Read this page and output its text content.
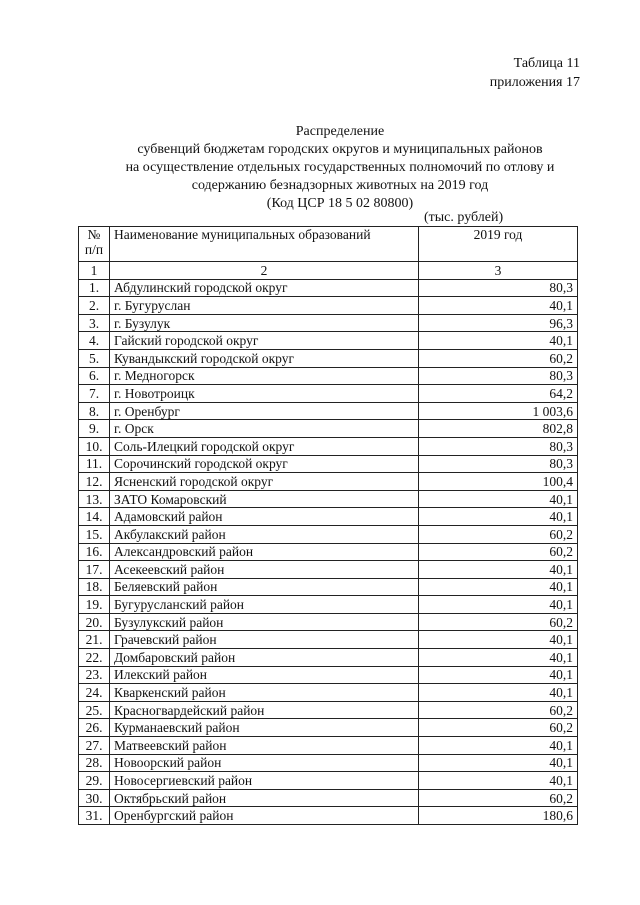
Таблица 11
приложения 17
Распределение
субвенций бюджетам городских округов и муниципальных районов
на осуществление отдельных государственных полномочий по отлову и
содержанию безнадзорных животных на 2019 год
(Код ЦСР 18 5 02 80800)
(тыс. рублей)
№
п/п	Наименование муниципальных образований	2019 год
1	2	3
1.	Абдулинский городской округ	80,3
2.	г. Бугуруслан	40,1
3.	г. Бузулук	96,3
4.	Гайский городской округ	40,1
5.	Кувандыкский городской округ	60,2
6.	г. Медногорск	80,3
7.	г. Новотроицк	64,2
8.	г. Оренбург	1 003,6
9.	г. Орск	802,8
10.	Соль-Илецкий городской округ	80,3
11.	Сорочинский городской округ	80,3
12.	Ясненский городской округ	100,4
13.	ЗАТО Комаровский	40,1
14.	Адамовский район	40,1
15.	Акбулакский район	60,2
16.	Александровский район	60,2
17.	Асекеевский район	40,1
18.	Беляевский район	40,1
19.	Бугурусланский район	40,1
20.	Бузулукский район	60,2
21.	Грачевский район	40,1
22.	Домбаровский район	40,1
23.	Илекский район	40,1
24.	Кваркенский район	40,1
25.	Красногвардейский район	60,2
26.	Курманаевский район	60,2
27.	Матвеевский район	40,1
28.	Новоорский район	40,1
29.	Новосергиевский район	40,1
30.	Октябрьский район	60,2
31.	Оренбургский район	180,6
